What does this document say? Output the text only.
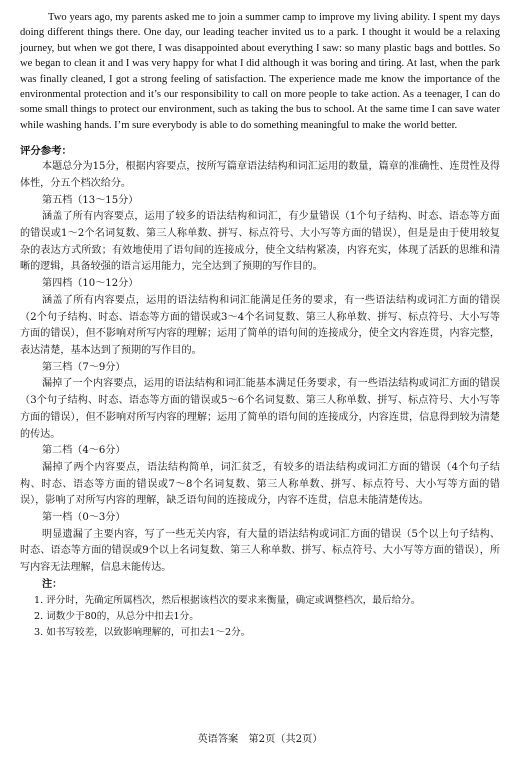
Two years ago, my parents asked me to join a summer camp to improve my living ability. I spent my days doing different things there. One day, our leading teacher invited us to a park. I thought it would be a relaxing journey, but when we got there, I was disappointed about everything I saw: so many plastic bags and bottles. So we began to clean it and I was very happy for what I did although it was boring and tiring. At last, when the park was finally cleaned, I got a strong feeling of satisfaction. The experience made me know the importance of the environmental protection and it’s our responsibility to call on more people to take action. As a teenager, I can do some small things to protect our environment, such as taking the bus to school. At the same time I can save water while washing hands. I’m sure everybody is able to do something meaningful to make the world better.

评分参考：

本题总分为15分，根据内容要点，按所写篇章语法结构和词汇运用的数量，篇章的准确性、连贯性及得体性，分五个档次给分。

第五档（13～15分）

涵盖了所有内容要点，运用了较多的语法结构和词汇，有少量错误（1个句子结构、时态、语态等方面的错误或1～2个名词复数、第三人称单数、拼写、标点符号、大小写等方面的错误），但是是由于使用较复杂的表达方式所致；有效地使用了语句间的连接成分，使全文结构紧凑，内容充实，体现了活跃的思维和清晰的逻辑，具备较强的语言运用能力，完全达到了预期的写作目的。

第四档（10～12分）

涵盖了所有内容要点，运用的语法结构和词汇能满足任务的要求，有一些语法结构或词汇方面的错误（2个句子结构、时态、语态等方面的错误或3～4个名词复数、第三人称单数、拼写、标点符号、大小写等方面的错误），但不影响对所写内容的理解；运用了简单的语句间的连接成分，使全文内容连贯，内容完整，表达清楚，基本达到了预期的写作目的。

第三档（7～9分）

漏掉了一个内容要点，运用的语法结构和词汇能基本满足任务要求，有一些语法结构或词汇方面的错误（3个句子结构、时态、语态等方面的错误或5～6个名词复数、第三人称单数、拼写、标点符号、大小写等方面的错误），但不影响对所写内容的理解；运用了简单的语句间的连接成分，内容连贯，信息得到较为清楚的传达。

第二档（4～6分）

漏掉了两个内容要点，语法结构简单，词汇贫乏，有较多的语法结构或词汇方面的错误（4个句子结构、时态、语态等方面的错误或7～8个名词复数、第三人称单数、拼写、标点符号、大小写等方面的错误），影响了对所写内容的理解，缺乏语句间的连接成分，内容不连贯，信息未能清楚传达。

第一档（0～3分）

明显遗漏了主要内容，写了一些无关内容，有大量的语法结构或词汇方面的错误（5个以上句子结构、时态、语态等方面的错误或9个以上名词复数、第三人称单数、拼写、标点符号、大小写等方面的错误），所写内容无法理解，信息未能传达。

注：

1. 评分时，先确定所属档次，然后根据该档次的要求来衡量，确定或调整档次，最后给分。

2. 词数少于80的，从总分中扣去1分。

3. 如书写较差，以致影响理解的，可扣去1～2分。

英语答案　第2页（共2页）
